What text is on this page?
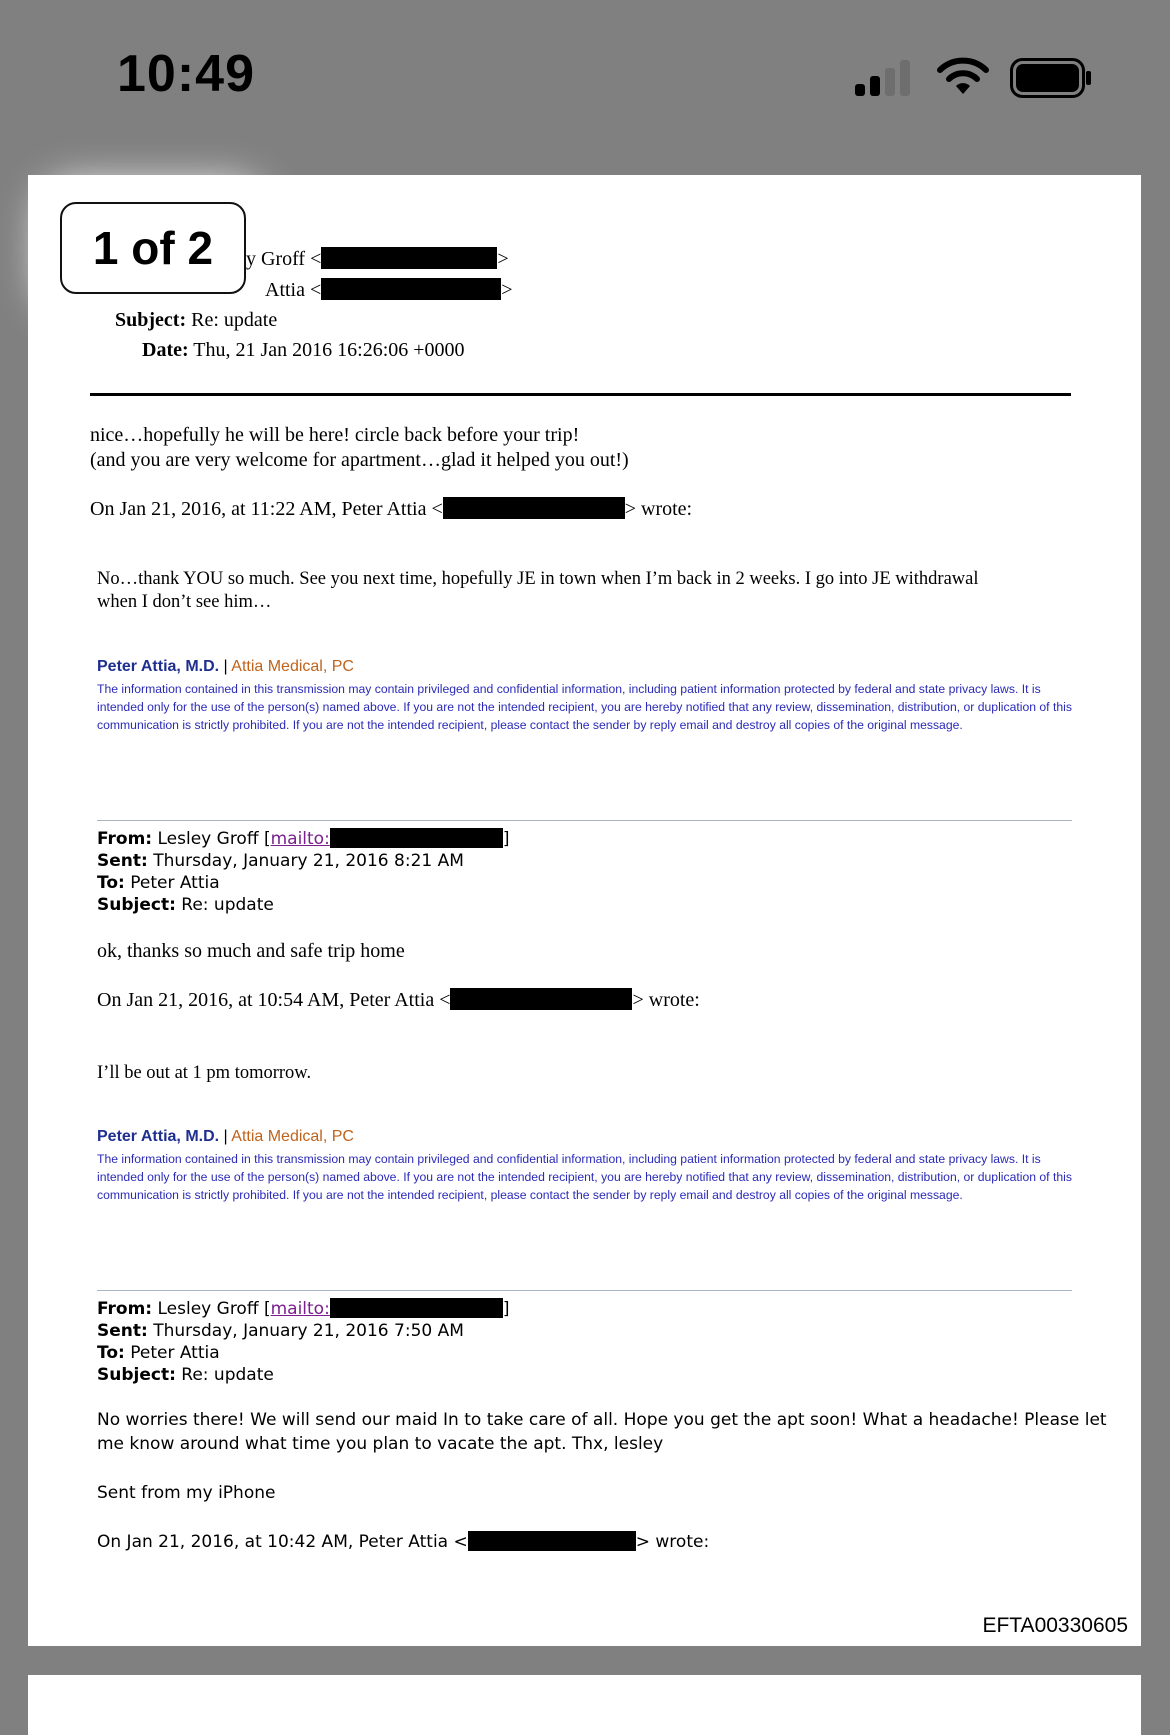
10:49
1 of 2	y Groff <	>
Attia <	>
Subject: Re: update
Date: Thu, 21 Jan 2016 16:26:06 +0000
nice…hopefully he will be here! circle back before your trip!
(and you are very welcome for apartment…glad it helped you out!)
On Jan 21, 2016, at 11:22 AM, Peter Attia <	> wrote:
No…thank YOU so much. See you next time, hopefully JE in town when I’m back in 2 weeks. I go into JE withdrawal
when I don’t see him…
Peter Attia, M.D. | Attia Medical, PC
The information contained in this transmission may contain privileged and confidential information, including patient information protected by federal and state privacy laws. It is intended only for the use of the person(s) named above. If you are not the intended recipient, you are hereby notified that any review, dissemination, distribution, or duplication of this communication is strictly prohibited. If you are not the intended recipient, please contact the sender by reply email and destroy all copies of the original message.
From: Lesley Groff [mailto:	]
Sent: Thursday, January 21, 2016 8:21 AM
To: Peter Attia
Subject: Re: update
ok, thanks so much and safe trip home
On Jan 21, 2016, at 10:54 AM, Peter Attia <	> wrote:
I’ll be out at 1 pm tomorrow.
Peter Attia, M.D. | Attia Medical, PC
The information contained in this transmission may contain privileged and confidential information, including patient information protected by federal and state privacy laws. It is intended only for the use of the person(s) named above. If you are not the intended recipient, you are hereby notified that any review, dissemination, distribution, or duplication of this communication is strictly prohibited. If you are not the intended recipient, please contact the sender by reply email and destroy all copies of the original message.
From: Lesley Groff [mailto:	]
Sent: Thursday, January 21, 2016 7:50 AM
To: Peter Attia
Subject: Re: update
No worries there! We will send our maid In to take care of all. Hope you get the apt soon! What a headache! Please let
me know around what time you plan to vacate the apt. Thx, lesley
Sent from my iPhone
On Jan 21, 2016, at 10:42 AM, Peter Attia <	> wrote:
EFTA00330605
